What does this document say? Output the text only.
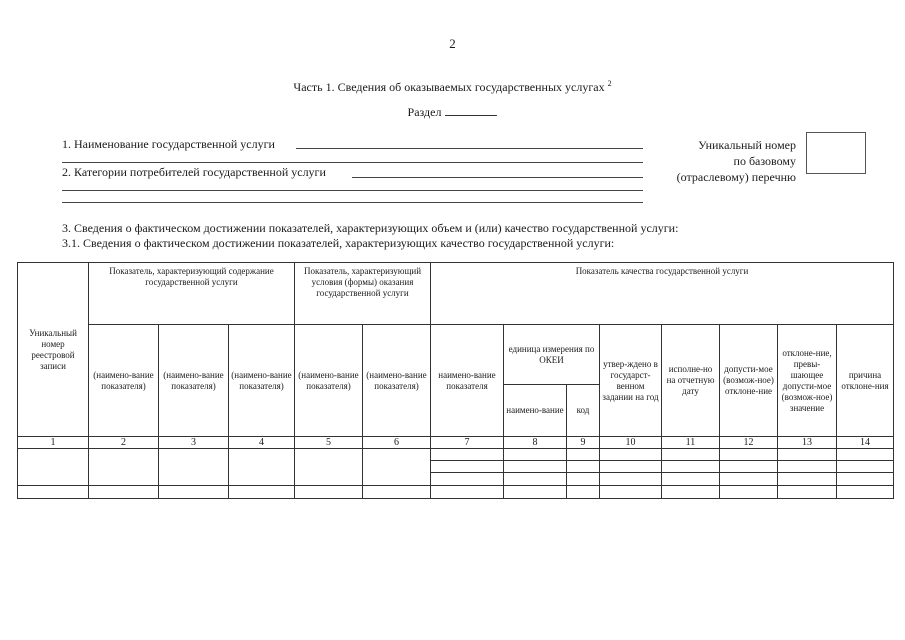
2
Часть 1. Сведения об оказываемых государственных услугах $^2$
Раздел
1. Наименование государственной услуги
2. Категории потребителей государственной услуги
Уникальный номер
по базовому
(отраслевому) перечню
3. Сведения о фактическом достижении показателей, характеризующих объем и (или) качество государственной услуги:
3.1. Сведения о фактическом достижении показателей, характеризующих качество государственной услуги:
Уникальный номер реестровой записи	Показатель, характеризующий содержание государственной услуги			Показатель, характеризующий условия (формы) оказания государственной услуги		Показатель качества государственной услуги							
	(наимено-вание показателя)	(наимено-вание показателя)	(наимено-вание показателя)	(наимено-вание показателя)	(наимено-вание показателя)	наимено-вание показателя	единица измерения по ОКЕИ		утвер-ждено в государст-венном задании на год	исполне-но на отчетную дату	допусти-мое (возмож-ное) отклоне-ние	отклоне-ние, превы-шающее допусти-мое (возмож-ное) значение	причина отклоне-ния
							наимено-вание	код					
1	2	3	4	5	6	7	8	9	10	11	12	13	14
